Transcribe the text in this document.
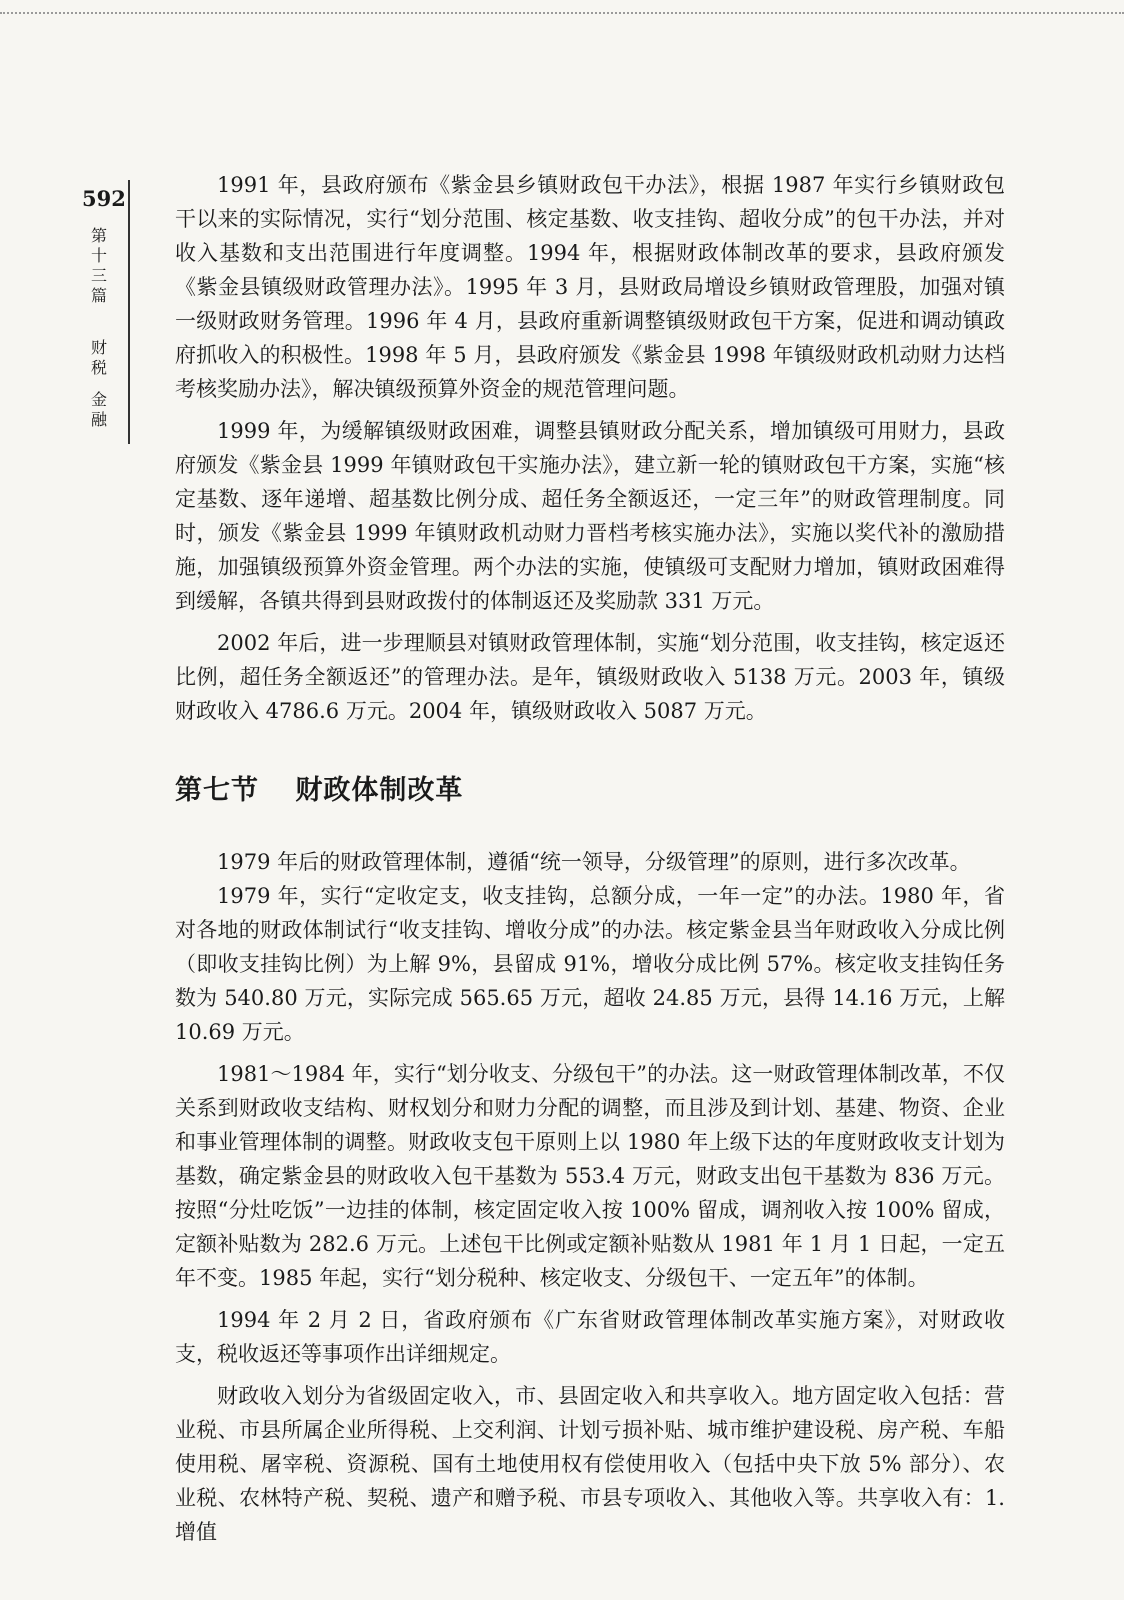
592
第十三篇
财税
金融

1991 年，县政府颁布《紫金县乡镇财政包干办法》，根据 1987 年实行乡镇财政包干以来的实际情况，实行“划分范围、核定基数、收支挂钩、超收分成”的包干办法，并对收入基数和支出范围进行年度调整。1994 年，根据财政体制改革的要求，县政府颁发《紫金县镇级财政管理办法》。1995 年 3 月，县财政局增设乡镇财政管理股，加强对镇一级财政财务管理。1996 年 4 月，县政府重新调整镇级财政包干方案，促进和调动镇政府抓收入的积极性。1998 年 5 月，县政府颁发《紫金县 1998 年镇级财政机动财力达档考核奖励办法》，解决镇级预算外资金的规范管理问题。

1999 年，为缓解镇级财政困难，调整县镇财政分配关系，增加镇级可用财力，县政府颁发《紫金县 1999 年镇财政包干实施办法》，建立新一轮的镇财政包干方案，实施“核定基数、逐年递增、超基数比例分成、超任务全额返还，一定三年”的财政管理制度。同时，颁发《紫金县 1999 年镇财政机动财力晋档考核实施办法》，实施以奖代补的激励措施，加强镇级预算外资金管理。两个办法的实施，使镇级可支配财力增加，镇财政困难得到缓解，各镇共得到县财政拨付的体制返还及奖励款 331 万元。

2002 年后，进一步理顺县对镇财政管理体制，实施“划分范围，收支挂钩，核定返还比例，超任务全额返还”的管理办法。是年，镇级财政收入 5138 万元。2003 年，镇级财政收入 4786.6 万元。2004 年，镇级财政收入 5087 万元。

第七节 财政体制改革

1979 年后的财政管理体制，遵循“统一领导，分级管理”的原则，进行多次改革。

1979 年，实行“定收定支，收支挂钩，总额分成，一年一定”的办法。1980 年，省对各地的财政体制试行“收支挂钩、增收分成”的办法。核定紫金县当年财政收入分成比例（即收支挂钩比例）为上解 9%，县留成 91%，增收分成比例 57%。核定收支挂钩任务数为 540.80 万元，实际完成 565.65 万元，超收 24.85 万元，县得 14.16 万元，上解 10.69 万元。

1981～1984 年，实行“划分收支、分级包干”的办法。这一财政管理体制改革，不仅关系到财政收支结构、财权划分和财力分配的调整，而且涉及到计划、基建、物资、企业和事业管理体制的调整。财政收支包干原则上以 1980 年上级下达的年度财政收支计划为基数，确定紫金县的财政收入包干基数为 553.4 万元，财政支出包干基数为 836 万元。按照“分灶吃饭”一边挂的体制，核定固定收入按 100% 留成，调剂收入按 100% 留成，定额补贴数为 282.6 万元。上述包干比例或定额补贴数从 1981 年 1 月 1 日起，一定五年不变。1985 年起，实行“划分税种、核定收支、分级包干、一定五年”的体制。

1994 年 2 月 2 日，省政府颁布《广东省财政管理体制改革实施方案》，对财政收支，税收返还等事项作出详细规定。

财政收入划分为省级固定收入，市、县固定收入和共享收入。地方固定收入包括：营业税、市县所属企业所得税、上交利润、计划亏损补贴、城市维护建设税、房产税、车船使用税、屠宰税、资源税、国有土地使用权有偿使用收入（包括中央下放 5% 部分）、农业税、农林特产税、契税、遗产和赠予税、市县专项收入、其他收入等。共享收入有：1. 增值
